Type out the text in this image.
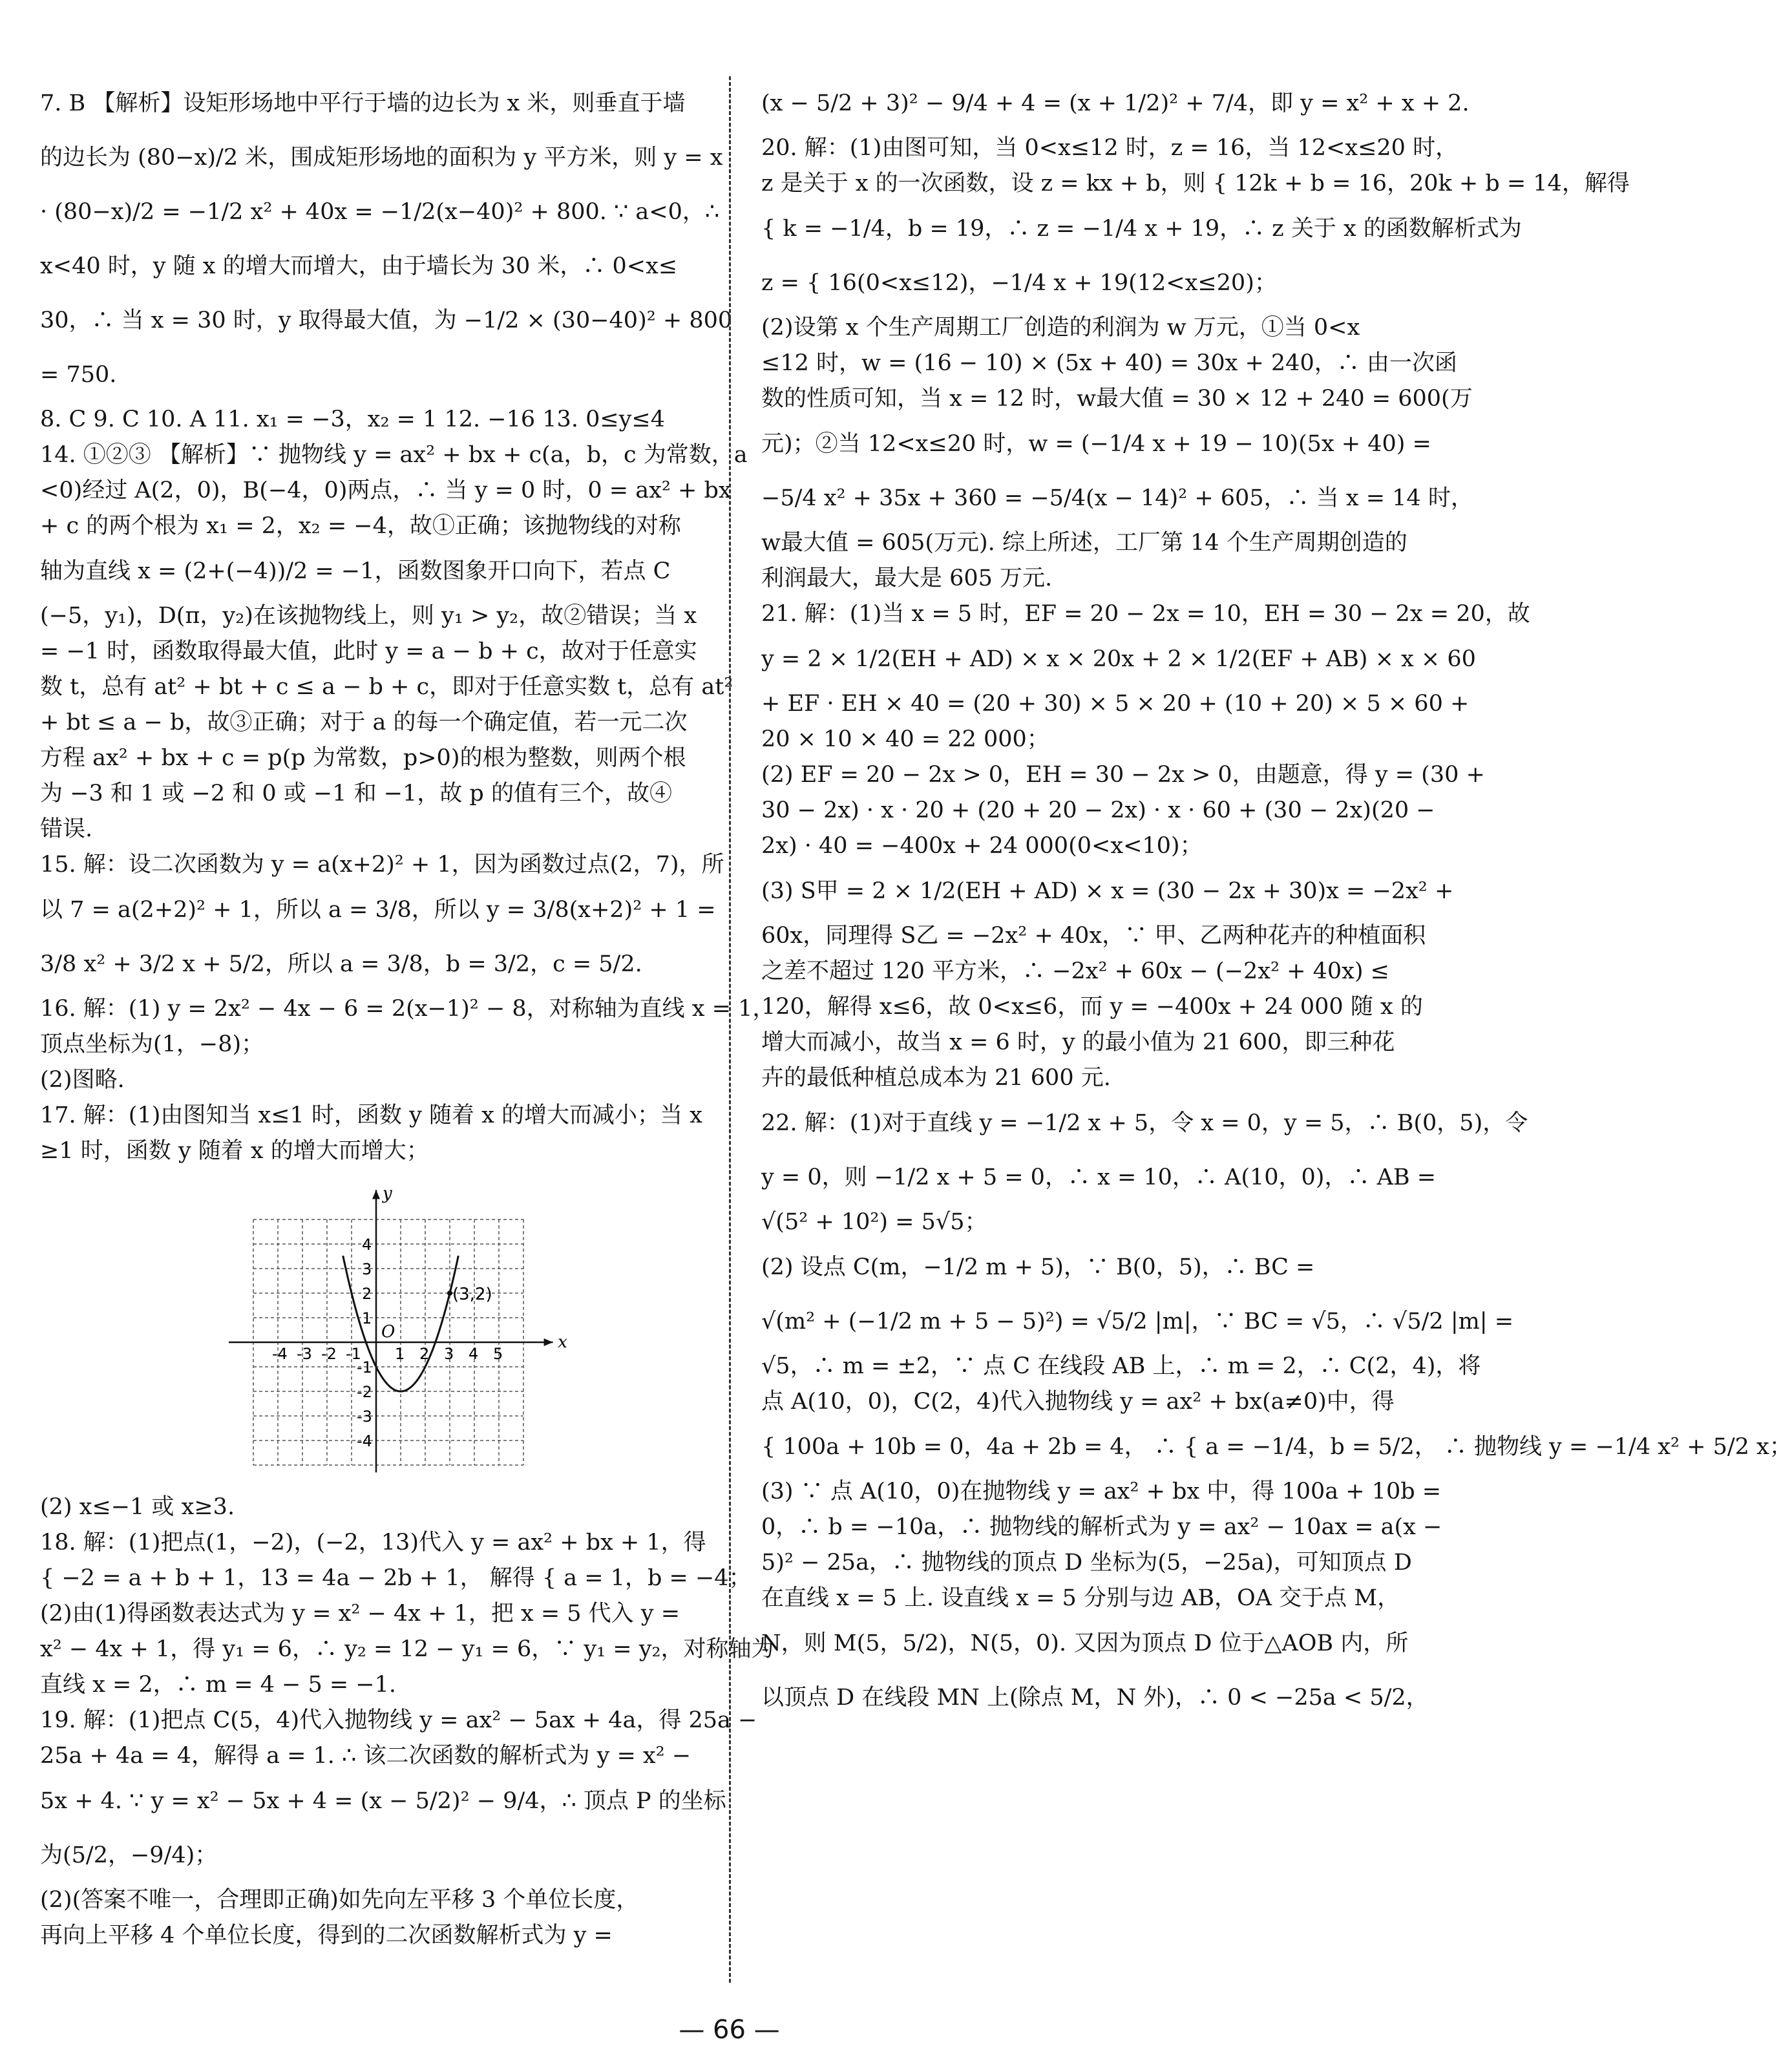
7. B 【解析】设矩形场地中平行于墙的边长为 x 米，则垂直于墙
的边长为 (80−x)/2 米，围成矩形场地的面积为 y 平方米，则 y = x
· (80−x)/2 = −1/2 x² + 40x = −1/2(x−40)² + 800. ∵ a<0，∴
x<40 时，y 随 x 的增大而增大，由于墙长为 30 米，∴ 0<x≤
30，∴ 当 x = 30 时，y 取得最大值，为 −1/2 × (30−40)² + 800
= 750.
8. C 9. C 10. A 11. x₁ = −3，x₂ = 1 12. −16 13. 0≤y≤4
14. ①②③ 【解析】∵ 抛物线 y = ax² + bx + c(a，b，c 为常数，a
<0)经过 A(2，0)，B(−4，0)两点，∴ 当 y = 0 时，0 = ax² + bx
+ c 的两个根为 x₁ = 2，x₂ = −4，故①正确；该抛物线的对称
轴为直线 x = (2+(−4))/2 = −1，函数图象开口向下，若点 C
(−5，y₁)，D(π，y₂)在该抛物线上，则 y₁ > y₂，故②错误；当 x
= −1 时，函数取得最大值，此时 y = a − b + c，故对于任意实
数 t，总有 at² + bt + c ≤ a − b + c，即对于任意实数 t，总有 at²
+ bt ≤ a − b，故③正确；对于 a 的每一个确定值，若一元二次
方程 ax² + bx + c = p(p 为常数，p>0)的根为整数，则两个根
为 −3 和 1 或 −2 和 0 或 −1 和 −1，故 p 的值有三个，故④
错误.
15. 解：设二次函数为 y = a(x+2)² + 1，因为函数过点(2，7)，所
以 7 = a(2+2)² + 1，所以 a = 3/8，所以 y = 3/8(x+2)² + 1 =
3/8 x² + 3/2 x + 5/2，所以 a = 3/8，b = 3/2，c = 5/2.
16. 解：(1) y = 2x² − 4x − 6 = 2(x−1)² − 8，对称轴为直线 x = 1，
顶点坐标为(1，−8)；
(2)图略.
17. 解：(1)由图知当 x≤1 时，函数 y 随着 x 的增大而减小；当 x
≥1 时，函数 y 随着 x 的增大而增大；
x
y
O
-4 -3 -2 -1 1 2 3 4 5
4
3
2
1
-1
-2
-3
-4
(3,2)
(2) x≤−1 或 x≥3.
18. 解：(1)把点(1，−2)，(−2，13)代入 y = ax² + bx + 1，得
{ −2 = a + b + 1，13 = 4a − 2b + 1， 解得 { a = 1，b = −4；
(2)由(1)得函数表达式为 y = x² − 4x + 1，把 x = 5 代入 y =
x² − 4x + 1，得 y₁ = 6，∴ y₂ = 12 − y₁ = 6，∵ y₁ = y₂，对称轴为
直线 x = 2，∴ m = 4 − 5 = −1.
19. 解：(1)把点 C(5，4)代入抛物线 y = ax² − 5ax + 4a，得 25a −
25a + 4a = 4，解得 a = 1. ∴ 该二次函数的解析式为 y = x² −
5x + 4. ∵ y = x² − 5x + 4 = (x − 5/2)² − 9/4，∴ 顶点 P 的坐标
为(5/2，−9/4)；
(2)(答案不唯一，合理即正确)如先向左平移 3 个单位长度，
再向上平移 4 个单位长度，得到的二次函数解析式为 y =
(x − 5/2 + 3)² − 9/4 + 4 = (x + 1/2)² + 7/4，即 y = x² + x + 2.
20. 解：(1)由图可知，当 0<x≤12 时，z = 16，当 12<x≤20 时，
z 是关于 x 的一次函数，设 z = kx + b，则 { 12k + b = 16，20k + b = 14，解得
{ k = −1/4，b = 19，∴ z = −1/4 x + 19，∴ z 关于 x 的函数解析式为
z = { 16(0<x≤12)，−1/4 x + 19(12<x≤20)；
(2)设第 x 个生产周期工厂创造的利润为 w 万元，①当 0<x
≤12 时，w = (16 − 10) × (5x + 40) = 30x + 240，∴ 由一次函
数的性质可知，当 x = 12 时，w最大值 = 30 × 12 + 240 = 600(万
元)；②当 12<x≤20 时，w = (−1/4 x + 19 − 10)(5x + 40) =
−5/4 x² + 35x + 360 = −5/4(x − 14)² + 605，∴ 当 x = 14 时，
w最大值 = 605(万元). 综上所述，工厂第 14 个生产周期创造的
利润最大，最大是 605 万元.
21. 解：(1)当 x = 5 时，EF = 20 − 2x = 10，EH = 30 − 2x = 20，故
y = 2 × 1/2(EH + AD) × x × 20x + 2 × 1/2(EF + AB) × x × 60
+ EF · EH × 40 = (20 + 30) × 5 × 20 + (10 + 20) × 5 × 60 +
20 × 10 × 40 = 22 000；
(2) EF = 20 − 2x > 0，EH = 30 − 2x > 0，由题意，得 y = (30 +
30 − 2x) · x · 20 + (20 + 20 − 2x) · x · 60 + (30 − 2x)(20 −
2x) · 40 = −400x + 24 000(0<x<10)；
(3) S甲 = 2 × 1/2(EH + AD) × x = (30 − 2x + 30)x = −2x² +
60x，同理得 S乙 = −2x² + 40x，∵ 甲、乙两种花卉的种植面积
之差不超过 120 平方米，∴ −2x² + 60x − (−2x² + 40x) ≤
120，解得 x≤6，故 0<x≤6，而 y = −400x + 24 000 随 x 的
增大而减小，故当 x = 6 时，y 的最小值为 21 600，即三种花
卉的最低种植总成本为 21 600 元.
22. 解：(1)对于直线 y = −1/2 x + 5，令 x = 0，y = 5，∴ B(0，5)，令
y = 0，则 −1/2 x + 5 = 0，∴ x = 10，∴ A(10，0)，∴ AB =
√(5² + 10²) = 5√5；
(2) 设点 C(m，−1/2 m + 5)，∵ B(0，5)，∴ BC =
√(m² + (−1/2 m + 5 − 5)²) = √5/2 |m|，∵ BC = √5，∴ √5/2 |m| =
√5，∴ m = ±2，∵ 点 C 在线段 AB 上，∴ m = 2，∴ C(2，4)，将
点 A(10，0)，C(2，4)代入抛物线 y = ax² + bx(a≠0)中，得
{ 100a + 10b = 0，4a + 2b = 4， ∴ { a = −1/4，b = 5/2， ∴ 抛物线 y = −1/4 x² + 5/2 x；
(3) ∵ 点 A(10，0)在抛物线 y = ax² + bx 中，得 100a + 10b =
0，∴ b = −10a，∴ 抛物线的解析式为 y = ax² − 10ax = a(x −
5)² − 25a，∴ 抛物线的顶点 D 坐标为(5，−25a)，可知顶点 D
在直线 x = 5 上. 设直线 x = 5 分别与边 AB，OA 交于点 M，
N，则 M(5，5/2)，N(5，0). 又因为顶点 D 位于△AOB 内，所
以顶点 D 在线段 MN 上(除点 M，N 外)，∴ 0 < −25a < 5/2，
— 66 —
